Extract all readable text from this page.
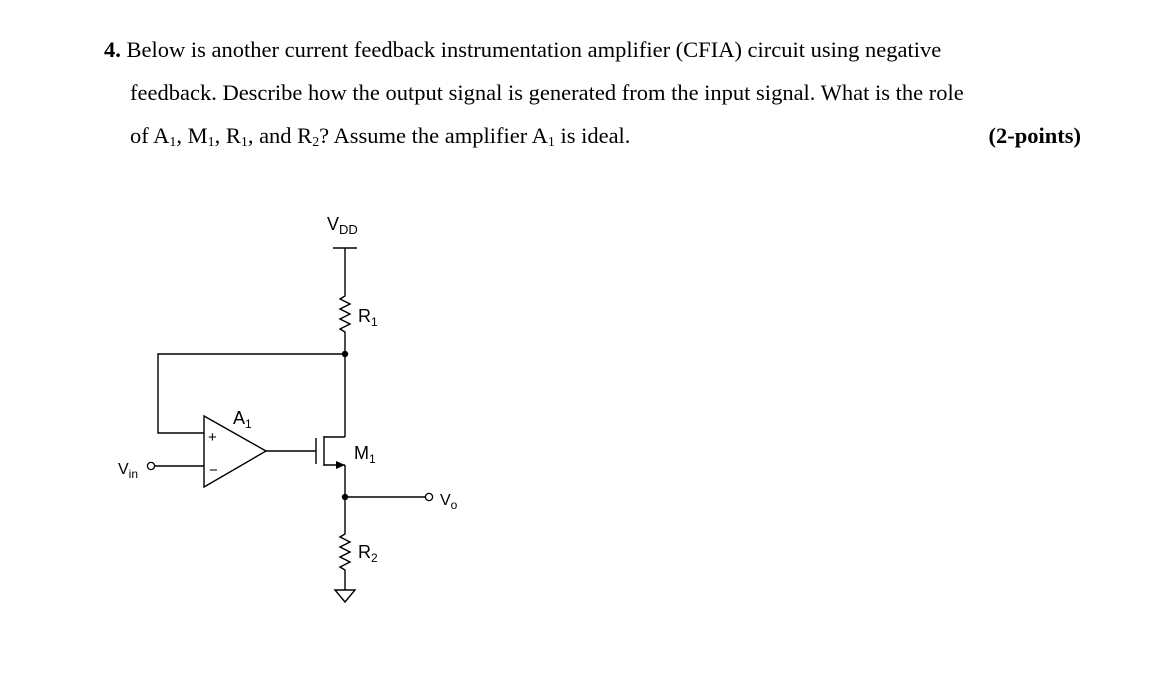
4. Below is another current feedback instrumentation amplifier (CFIA) circuit using negative
feedback. Describe how the output signal is generated from the input signal. What is the role
of $A_1$, $M_1$, $R_1$, and $R_2$? Assume the amplifier $A_1$ is ideal.	(2-points)
$V_{DD}$
$R_1$
$A_1$
+
−
$M_1$
$V_{in}$
$V_o$
$R_2$
